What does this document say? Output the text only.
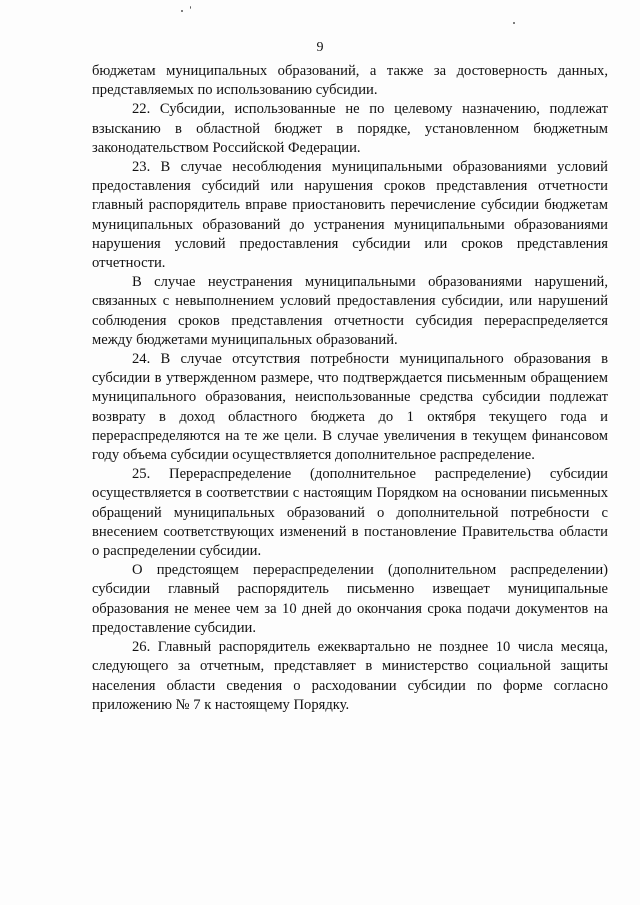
9

бюджетам муниципальных образований, а также за достоверность данных, представляемых по использованию субсидии.

22. Субсидии, использованные не по целевому назначению, подлежат взысканию в областной бюджет в порядке, установленном бюджетным законодательством Российской Федерации.

23. В случае несоблюдения муниципальными образованиями условий предоставления субсидий или нарушения сроков представления отчетности главный распорядитель вправе приостановить перечисление субсидии бюджетам муниципальных образований до устранения муниципальными образованиями нарушения условий предоставления субсидии или сроков представления отчетности.

В случае неустранения муниципальными образованиями нарушений, связанных с невыполнением условий предоставления субсидии, или нарушений соблюдения сроков представления отчетности субсидия перераспределяется между бюджетами муниципальных образований.

24. В случае отсутствия потребности муниципального образования в субсидии в утвержденном размере, что подтверждается письменным обращением муниципального образования, неиспользованные средства субсидии подлежат возврату в доход областного бюджета до 1 октября текущего года и перераспределяются на те же цели. В случае увеличения в текущем финансовом году объема субсидии осуществляется дополнительное распределение.

25. Перераспределение (дополнительное распределение) субсидии осуществляется в соответствии с настоящим Порядком на основании письменных обращений муниципальных образований о дополнительной потребности с внесением соответствующих изменений в постановление Правительства области о распределении субсидии.

О предстоящем перераспределении (дополнительном распределении) субсидии главный распорядитель письменно извещает муниципальные образования не менее чем за 10 дней до окончания срока подачи документов на предоставление субсидии.

26. Главный распорядитель ежеквартально не позднее 10 числа месяца, следующего за отчетным, представляет в министерство социальной защиты населения области сведения о расходовании субсидии по форме согласно приложению № 7 к настоящему Порядку.
